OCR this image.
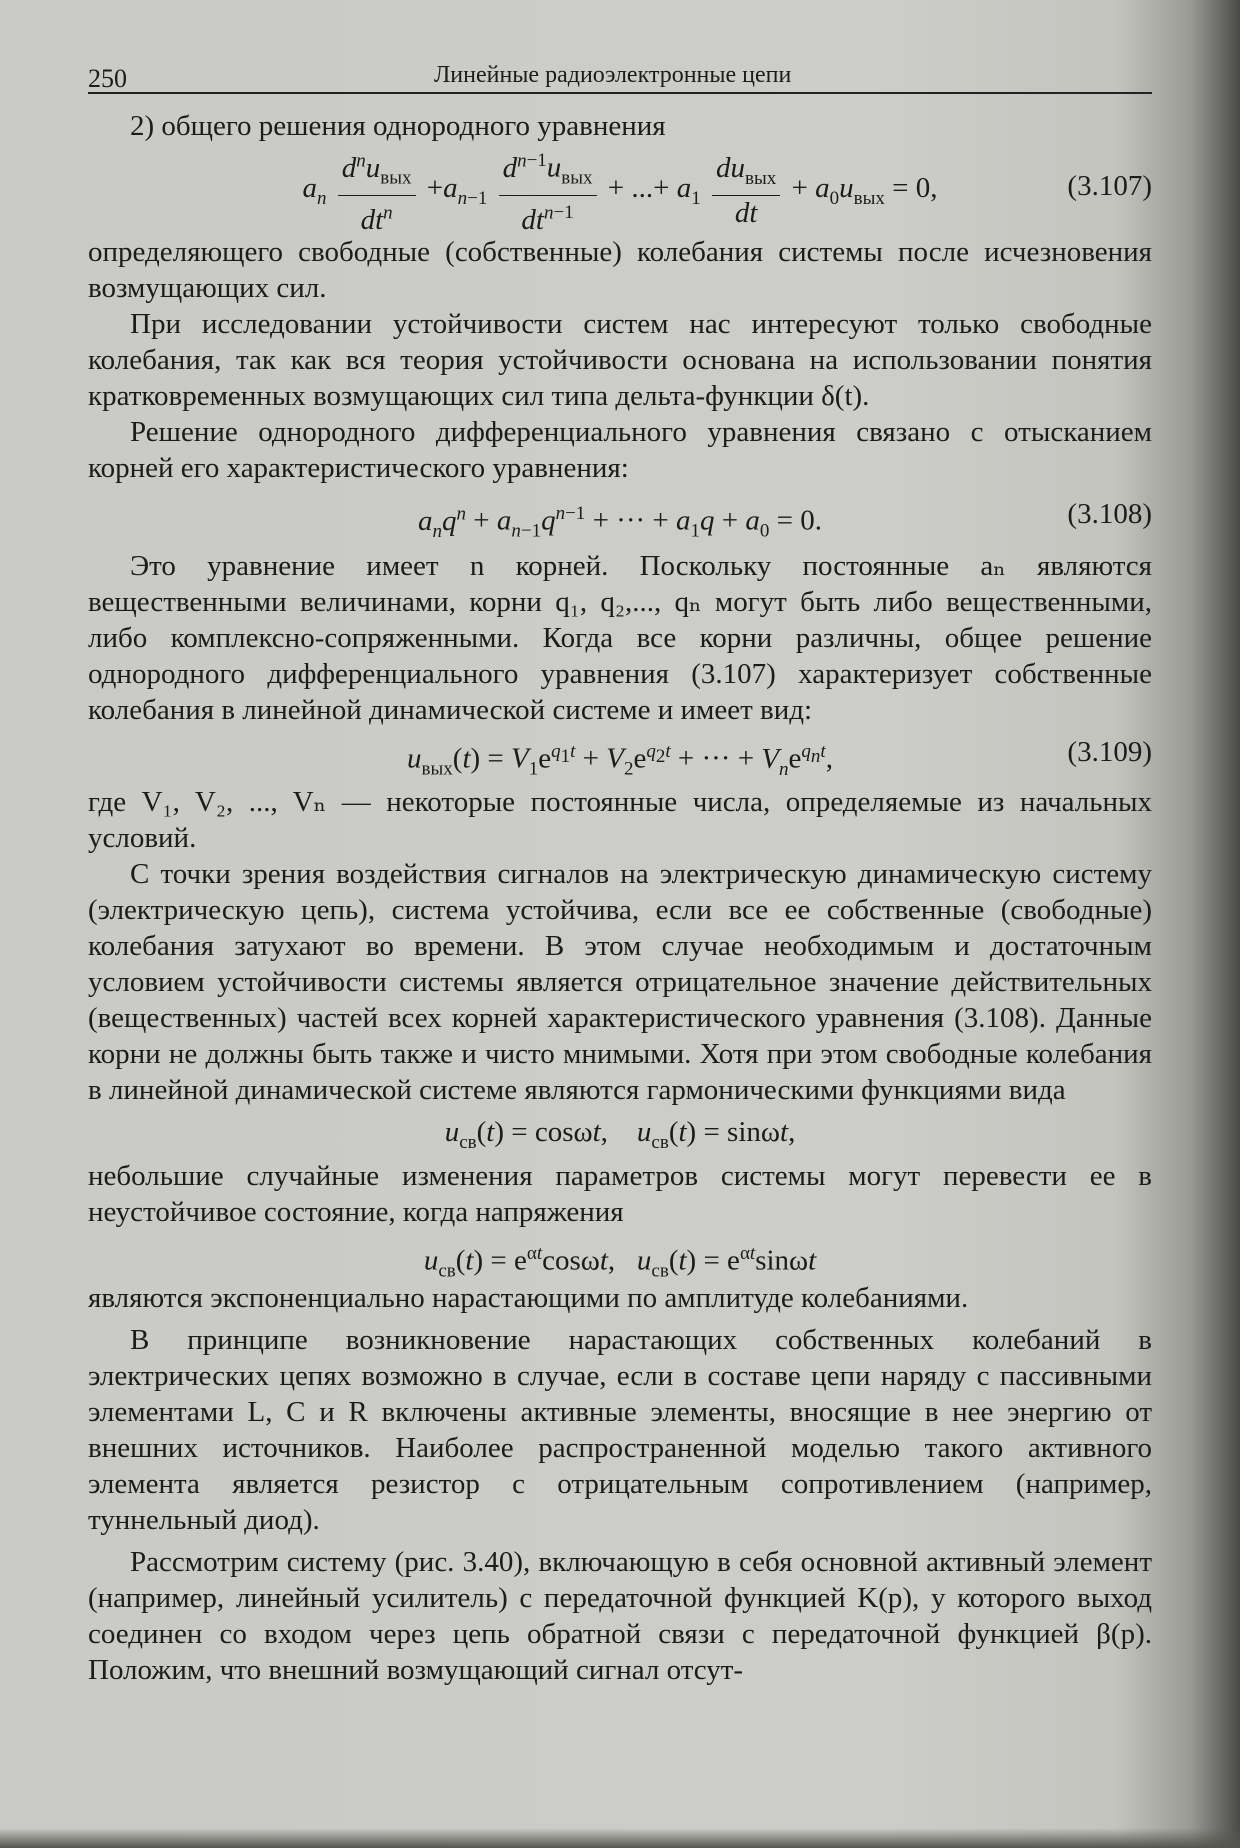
250	Линейные радиоэлектронные цепи

2) общего решения однородного уравнения

$a_n \frac{d^nu_{вых}}{dt^n} +a_{n-1} \frac{d^{n-1}u_{вых}}{dt^{n-1}}$ + ...+ $a_1 \frac{du_{вых}}{dt} + a_0u_{вых} = 0$,	(3.107)

определяющего свободные (собственные) колебания системы после исчезновения возмущающих сил.

При исследовании устойчивости систем нас интересуют только свободные колебания, так как вся теория устойчивости основана на использовании понятия кратковременных возмущающих сил типа дельта-функции δ(t).

Решение однородного дифференциального уравнения связано с отысканием корней его характеристического уравнения:

$a_nq^n + a_{n-1}q^{n-1}$ + ··· + $a_1q + a_0 = 0$.	(3.108)

Это уравнение имеет n корней. Поскольку постоянные aₙ являются вещественными величинами, корни q₁, q₂,..., qₙ могут быть либо вещественными, либо комплексно-сопряженными. Когда все корни различны, общее решение однородного дифференциального уравнения (3.107) характеризует собственные колебания в линейной динамической системе и имеет вид:

$u_{вых}(t) = V_1e^{q_1t} + V_2e^{q_2t}$ + ··· + $V_ne^{q_nt}$,	(3.109)

где V₁, V₂, ..., Vₙ — некоторые постоянные числа, определяемые из начальных условий.

С точки зрения воздействия сигналов на электрическую динамическую систему (электрическую цепь), система устойчива, если все ее собственные (свободные) колебания затухают во времени. В этом случае необходимым и достаточным условием устойчивости системы является отрицательное значение действительных (вещественных) частей всех корней характеристического уравнения (3.108). Данные корни не должны быть также и чисто мнимыми. Хотя при этом свободные колебания в линейной динамической системе являются гармоническими функциями вида

$u_{св}(t) = \cos\omega t$,    $u_{св}(t) = \sin\omega t$,

небольшие случайные изменения параметров системы могут перевести ее в неустойчивое состояние, когда напряжения

$u_{св}(t) = e^{\alpha t}\cos\omega t$,   $u_{св}(t) = e^{\alpha t}\sin\omega t$

являются экспоненциально нарастающими по амплитуде колебаниями.

В принципе возникновение нарастающих собственных колебаний в электрических цепях возможно в случае, если в составе цепи наряду с пассивными элементами L, C и R включены активные элементы, вносящие в нее энергию от внешних источников. Наиболее распространенной моделью такого активного элемента является резистор с отрицательным сопротивлением (например, туннельный диод).

Рассмотрим систему (рис. 3.40), включающую в себя основной активный элемент (например, линейный усилитель) с передаточной функцией K(p), у которого выход соединен со входом через цепь обратной связи с передаточной функцией β(p). Положим, что внешний возмущающий сигнал отсут-
